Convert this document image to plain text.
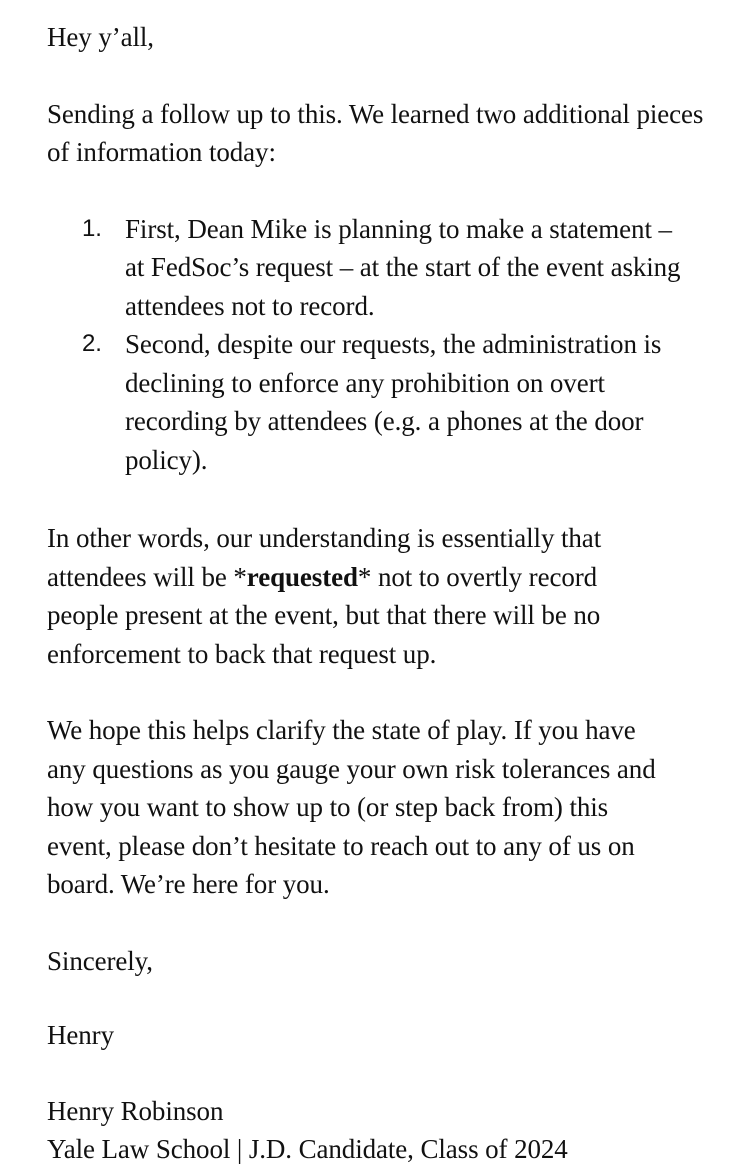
Hey y’all,

Sending a follow up to this. We learned two additional pieces of information today:

1. First, Dean Mike is planning to make a statement – at FedSoc’s request – at the start of the event asking attendees not to record.
2. Second, despite our requests, the administration is declining to enforce any prohibition on overt recording by attendees (e.g. a phones at the door policy).

In other words, our understanding is essentially that attendees will be *requested* not to overtly record people present at the event, but that there will be no enforcement to back that request up.

We hope this helps clarify the state of play. If you have any questions as you gauge your own risk tolerances and how you want to show up to (or step back from) this event, please don’t hesitate to reach out to any of us on board. We’re here for you.

Sincerely,

Henry

Henry Robinson

Yale Law School | J.D. Candidate, Class of 2024
